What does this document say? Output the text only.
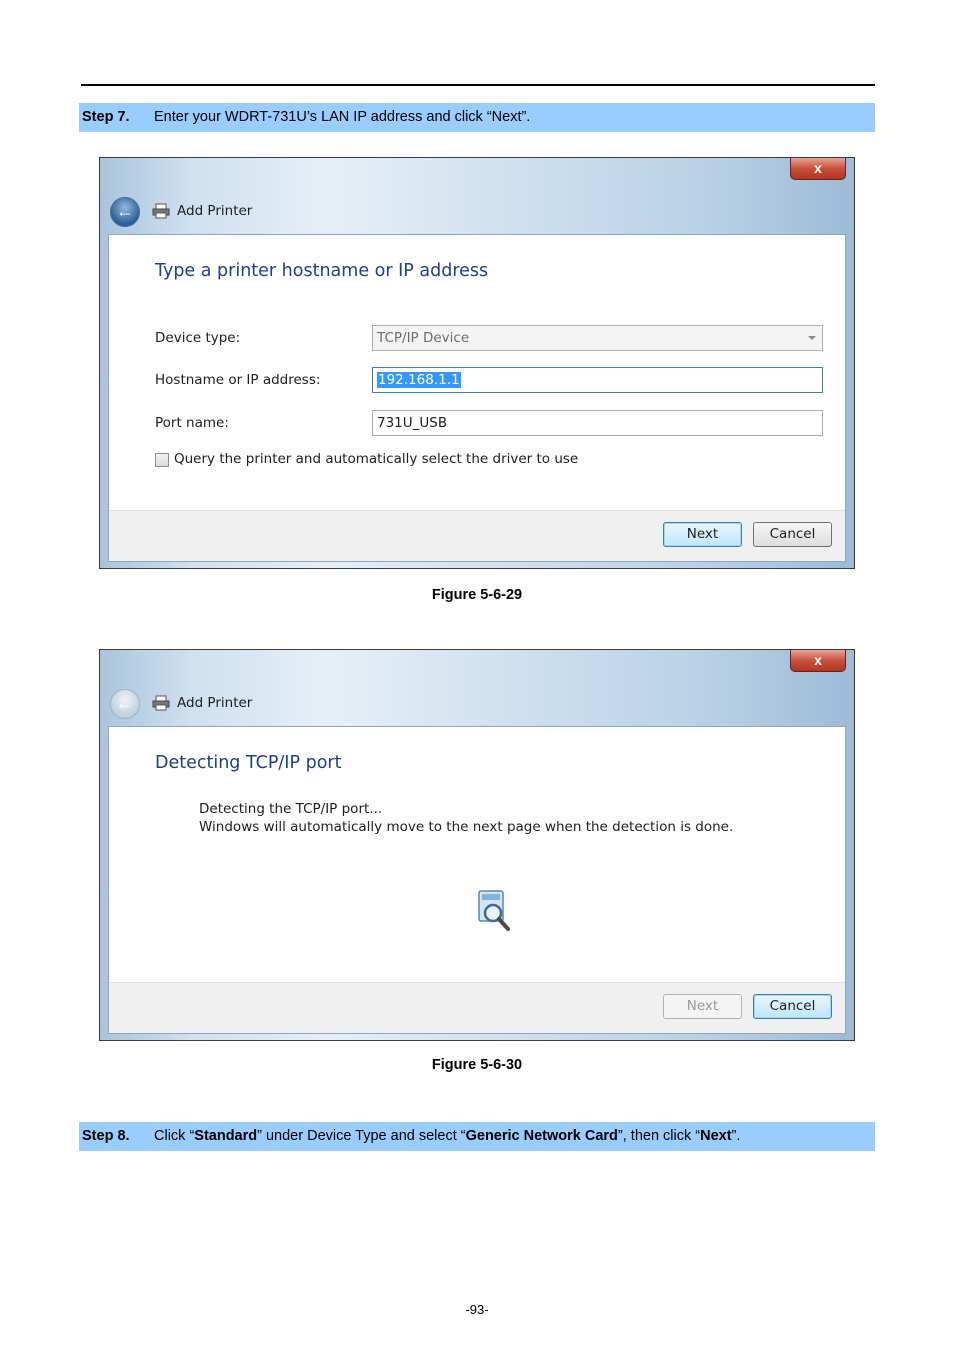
Step 7. Enter your WDRT-731U’s LAN IP address and click “Next”.
x
←	Add Printer
Type a printer hostname or IP address
Device type:	TCP/IP Device
Hostname or IP address:	192.168.1.1
Port name:	731U_USB
Query the printer and automatically select the driver to use
Next	Cancel
Figure 5-6-29
x
←	Add Printer
Detecting TCP/IP port
Detecting the TCP/IP port...
Windows will automatically move to the next page when the detection is done.
Next	Cancel
Figure 5-6-30
Step 8. Click “Standard” under Device Type and select “Generic Network Card”, then click “Next”.
-93-
